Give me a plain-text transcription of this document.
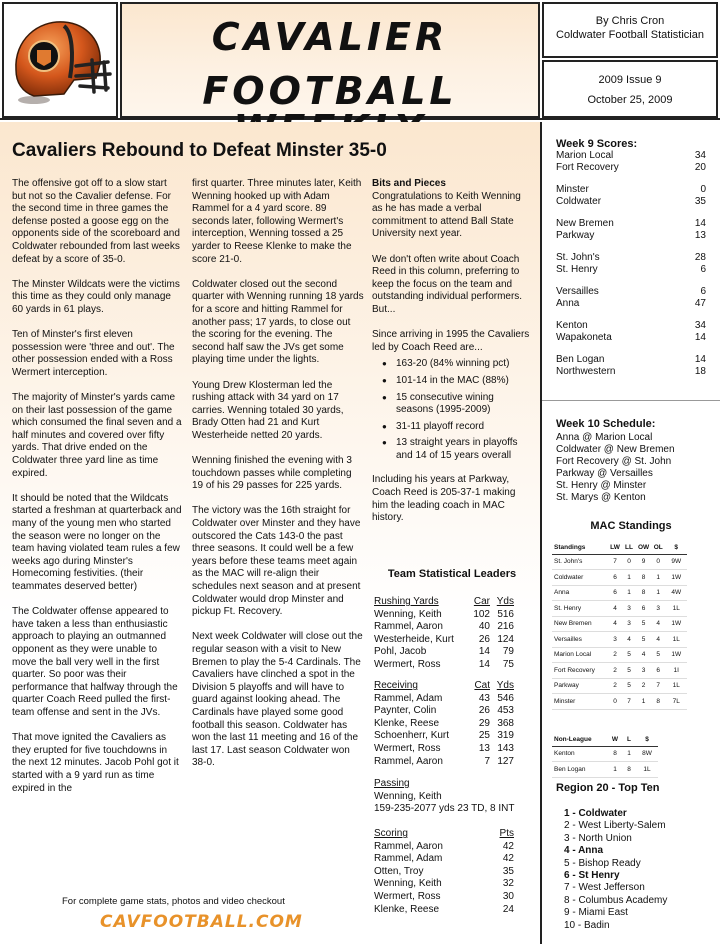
CAVALIER
FOOTBALL
By Chris Cron
Coldwater Football Statistician
2009 Issue 9
October 25, 2009
Cavaliers Rebound to Defeat Minster 35-0

The offensive got off to a slow start but not so the Cavalier defense. For the second time in three games the defense posted a goose egg on the opponents side of the scoreboard and Coldwater rebounded from last weeks defeat by a score of 35-0.

The Minster Wildcats were the victims this time as they could only manage 60 yards in 61 plays.

Ten of Minster's first eleven possession were 'three and out'. The other possession ended with a Ross Wermert interception.

The majority of Minster's yards came on their last possession of the game which consumed the final seven and a half minutes and covered over fifty yards. That drive ended on the Coldwater three yard line as time expired.

It should be noted that the Wildcats started a freshman at quarterback and many of the young men who started the season were no longer on the team having violated team rules a few weeks ago during Minster's Homecoming festivities. (their teammates deserved better)

The Coldwater offense appeared to have taken a less than enthusiastic approach to playing an outmanned opponent as they were unable to move the ball very well in the first quarter. So poor was their performance that halfway through the quarter Coach Reed pulled the first-team offense and sent in the JVs.

That move ignited the Cavaliers as they erupted for five touchdowns in the next 12 minutes. Jacob Pohl got it started with a 9 yard run as time expired in the

first quarter. Three minutes later, Keith Wenning hooked up with Adam Rammel for a 4 yard score. 89 seconds later, following Wermert's interception, Wenning tossed a 25 yarder to Reese Klenke to make the score 21-0.

Coldwater closed out the second quarter with Wenning running 18 yards for a score and hitting Rammel for another pass; 17 yards, to close out the scoring for the evening. The second half saw the JVs get some playing time under the lights.

Young Drew Klosterman led the rushing attack with 34 yard on 17 carries. Wenning totaled 30 yards, Brady Otten had 21 and Kurt Westerheide netted 20 yards.

Wenning finished the evening with 3 touchdown passes while completing 19 of his 29 passes for 225 yards.

The victory was the 16th straight for Coldwater over Minster and they have outscored the Cats 143-0 the past three seasons. It could well be a few years before these teams meet again as the MAC will re-align their schedules next season and at present Coldwater would drop Minster and pickup Ft. Recovery.

Next week Coldwater will close out the regular season with a visit to New Bremen to play the 5-4 Cardinals. The Cavaliers have clinched a spot in the Division 5 playoffs and will have to guard against looking ahead. The Cardinals have played some good football this season. Coldwater has won the last 11 meeting and 16 of the last 17. Last season Coldwater won 38-0.

Bits and Pieces

Congratulations to Keith Wenning as he has made a verbal commitment to attend Ball State University next year.

We don't often write about Coach Reed in this column, preferring to keep the focus on the team and outstanding individual performers. But...

Since arriving in 1995 the Cavaliers led by Coach Reed are...

● 163-20 (84% winning pct)
● 101-14 in the MAC (88%)
● 15 consecutive wining seasons (1995-2009)
● 31-11 playoff record
● 13 straight years in playoffs and 14 of 15 years overall

Including his years at Parkway, Coach Reed is 205-37-1 making him the leading coach in MAC history.

Team Statistical Leaders
Rushing Yards	Car Yds
Wenning, Keith	102 516
Rammel, Aaron	40 216
Westerheide, Kurt	26 124
Pohl, Jacob	14	79
Wermert, Ross	14	75
Receiving	Cat Yds
Rammel, Adam	43 546
Paynter, Colin	26 453
Klenke, Reese	29 368
Schoenherr, Kurt	25 319
Wermert, Ross	13 143
Rammel, Aaron	7 127
Passing
Wenning, Keith
159-235-2077 yds 23 TD, 8 INT
Scoring	Pts
Rammel, Aaron	42
Rammel, Adam	42
Otten, Troy	35
Wenning, Keith	32
Wermert, Ross	30
Klenke, Reese	24
For complete game stats, photos and video checkout
CAVFOOTBALL.COM
Week 9 Scores:
Marion Local	34
Fort Recovery	20
Minster	0
Coldwater	35
New Bremen	14
Parkway	13
St. John's	28
St. Henry	6
Versailles	6
Anna	47
Kenton	34
Wapakoneta	14
Ben Logan	14
Northwestern	18
Week 10 Schedule:
Anna @ Marion Local
Coldwater @ New Bremen
Fort Recovery @ St. John
Parkway @ Versailles
St. Henry @ Minster
St. Marys @ Kenton
MAC Standings
Standings	LW	LL	OW	OL	$
St. John's	7	0	9	0	9W
Coldwater	6	1	8	1	1W
Anna	6	1	8	1	4W
St. Henry	4	3	6	3	1L
New Bremen	4	3	5	4	1W
Versailles	3	4	5	4	1L
Marion Local	2	5	4	5	1W
Fort Recovery	2	5	3	6	1I
Parkway	2	5	2	7	1L
Minster	0	7	1	8	7L
Non-League	W	L	$
Kenton	8	1	8W
Ben Logan	1	8	1L
Region 20 - Top Ten
1 - Coldwater
2 - West Liberty-Salem
3 - North Union
4 - Anna
5 - Bishop Ready
6 - St Henry
7 - West Jefferson
8 - Columbus Academy
9 - Miami East
10 - Badin
